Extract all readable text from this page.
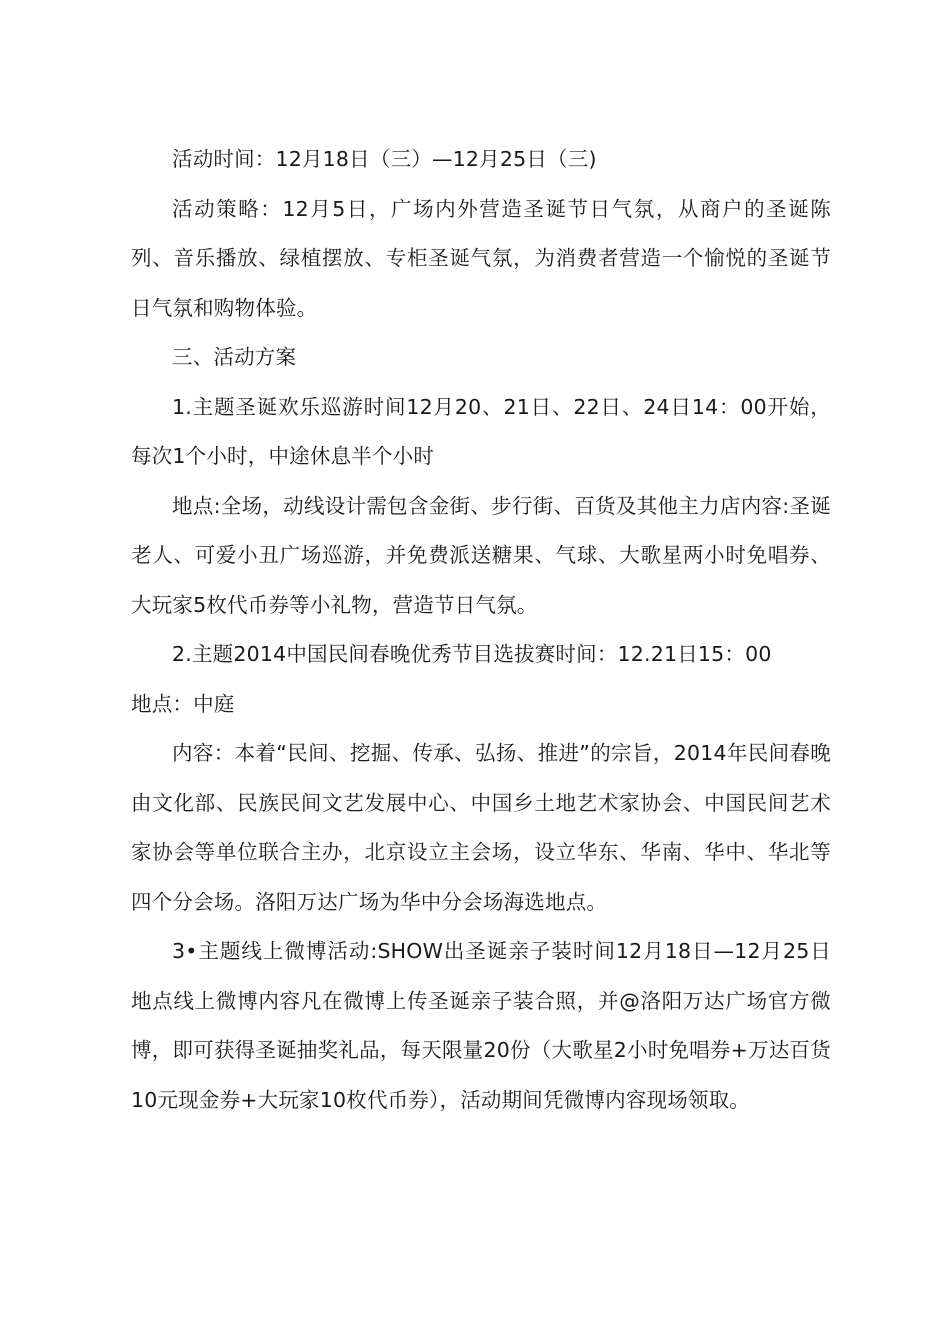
活动时间：12月18日（三）—12月25日（三)

活动策略：12月5日，广场内外营造圣诞节日气氛，从商户的圣诞陈列、音乐播放、绿植摆放、专柜圣诞气氛，为消费者营造一个愉悦的圣诞节日气氛和购物体验。

三、活动方案

1.主题圣诞欢乐巡游时间12月20、21日、22日、24日14：00开始，每次1个小时，中途休息半个小时

地点:全场，动线设计需包含金街、步行街、百货及其他主力店内容:圣诞老人、可爱小丑广场巡游，并免费派送糖果、气球、大歌星两小时免唱券、大玩家5枚代币券等小礼物，营造节日气氛。

2.主题2014中国民间春晚优秀节目选拔赛时间：12.21日15：00

地点：中庭

内容：本着“民间、挖掘、传承、弘扬、推进”的宗旨，2014年民间春晚由文化部、民族民间文艺发展中心、中国乡土地艺术家协会、中国民间艺术家协会等单位联合主办，北京设立主会场，设立华东、华南、华中、华北等四个分会场。洛阳万达广场为华中分会场海选地点。

3•主题线上微博活动:SHOW出圣诞亲子装时间12月18日—12月25日地点线上微博内容凡在微博上传圣诞亲子装合照，并@洛阳万达广场官方微博，即可获得圣诞抽奖礼品，每天限量20份（大歌星2小时免唱券+万达百货10元现金券+大玩家10枚代币券），活动期间凭微博内容现场领取。
